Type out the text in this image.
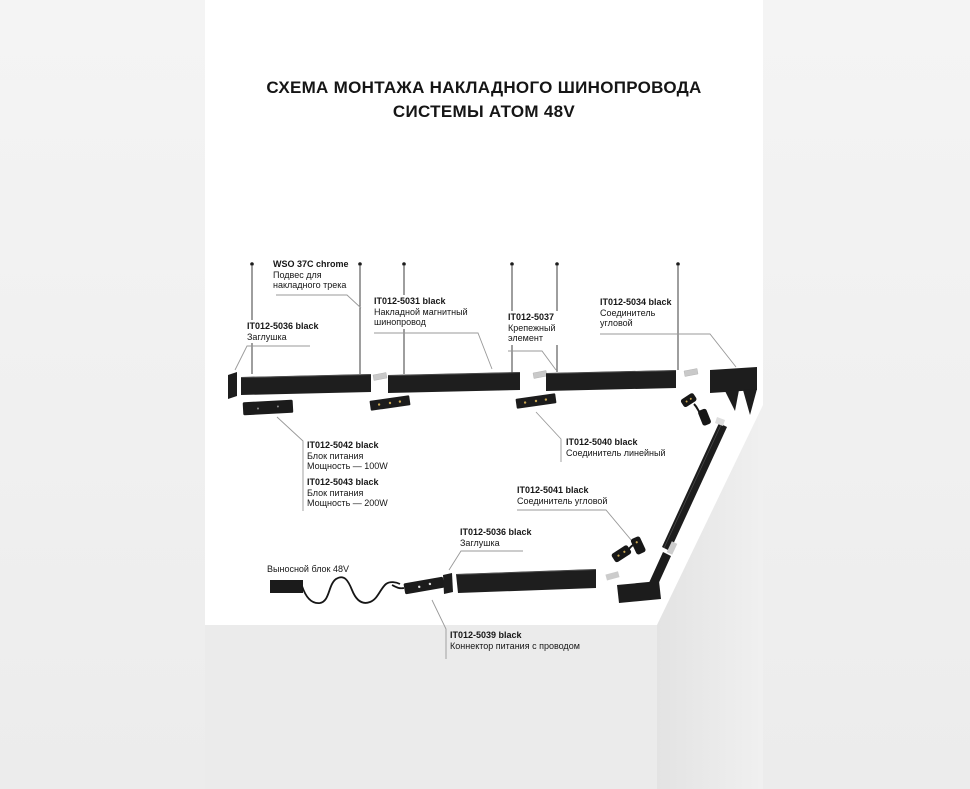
СХЕМА МОНТАЖА НАКЛАДНОГО ШИНОПРОВОДА
СИСТЕМЫ АТОМ 48V
WSO 37C chrome
Подвес для
накладного трека
IT012-5036 black
Заглушка
IT012-5031 black
Накладной магнитный
шинопровод	IT012-5037
Крепежный
элемент
IT012-5034 black
Соединитель
угловой
IT012-5042 black
Блок питания
Мощность — 100W
IT012-5043 black
Блок питания
Мощность — 200W
IT012-5040 black
Соединитель линейный
IT012-5041 black
Соединитель угловой
IT012-5036 black
Заглушка
Выносной блок 48V
IT012-5039 black
Коннектор питания с проводом
